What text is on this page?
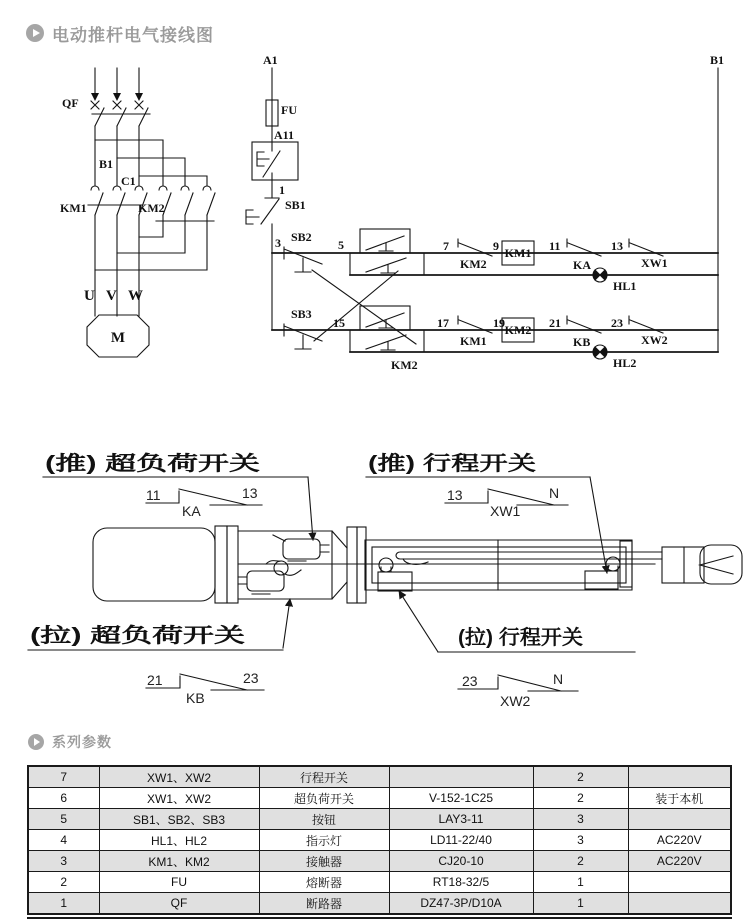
电动推杆电气接线图
QF
B1
C1
KM1	KM2
U V W
M
A1	B1
FU
A11
1
SB1
3 SB2
5	7
KM2
9 KM1 11
KA
13
XW1
HL1
SB3
15	17
KM1
19 KM2 21
KB
23
XW2
HL2
KM2
(推) 超负荷开关	(推) 行程开关
(拉) 超负荷开关	(拉) 行程开关
11	13
KA
13	N
XW1
21	23
KB
23	N
XW2
系列参数
7	XW1、XW2	行程开关		2	
6	XW1、XW2	超负荷开关	V-152-1C25	2	装于本机
5	SB1、SB2、SB3	按钮	LAY3-11	3	
4	HL1、HL2	指示灯	LD11-22/40	3	AC220V
3	KM1、KM2	接触器	CJ20-10	2	AC220V
2	FU	熔断器	RT18-32/5	1	
1	QF	断路器	DZ47-3P/D10A	1	
